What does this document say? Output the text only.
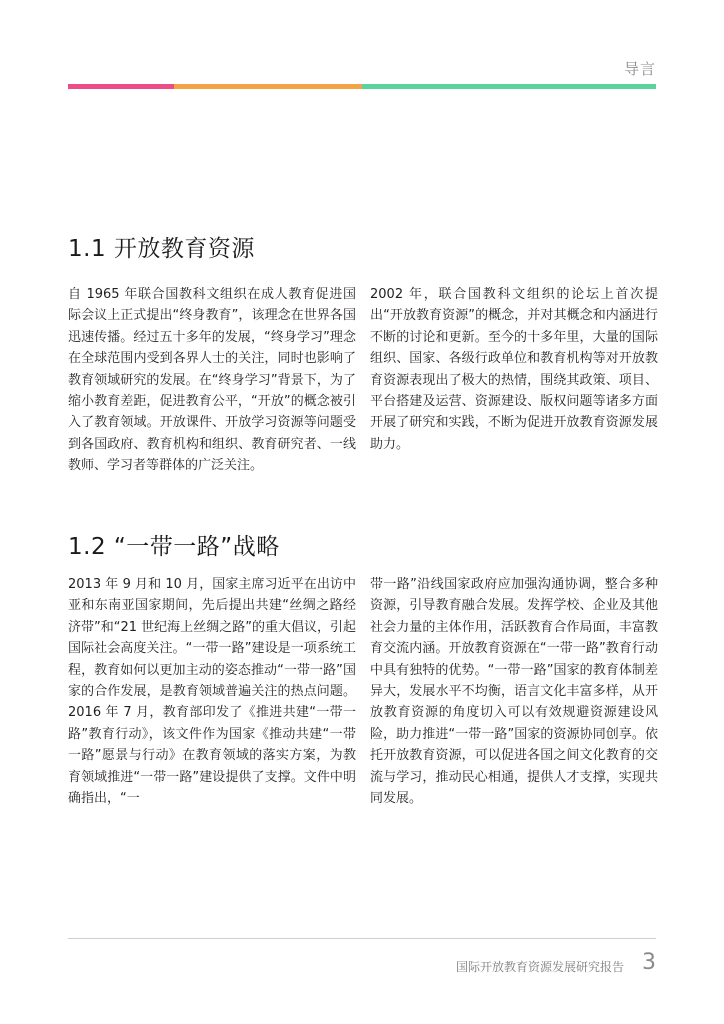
导言
1.1 开放教育资源

自 1965 年联合国教科文组织在成人教育促进国际会议上正式提出“终身教育”，该理念在世界各国迅速传播。经过五十多年的发展，“终身学习”理念在全球范围内受到各界人士的关注，同时也影响了教育领域研究的发展。在“终身学习”背景下，为了缩小教育差距，促进教育公平，“开放”的概念被引入了教育领域。开放课件、开放学习资源等问题受到各国政府、教育机构和组织、教育研究者、一线教师、学习者等群体的广泛关注。

2002 年，联合国教科文组织的论坛上首次提出“开放教育资源”的概念，并对其概念和内涵进行不断的讨论和更新。至今的十多年里，大量的国际组织、国家、各级行政单位和教育机构等对开放教育资源表现出了极大的热情，围绕其政策、项目、平台搭建及运营、资源建设、版权问题等诸多方面开展了研究和实践，不断为促进开放教育资源发展助力。

1.2 “一带一路”战略

2013 年 9 月和 10 月，国家主席习近平在出访中亚和东南亚国家期间，先后提出共建“丝绸之路经济带”和“21 世纪海上丝绸之路”的重大倡议，引起国际社会高度关注。“一带一路”建设是一项系统工程，教育如何以更加主动的姿态推动“一带一路”国家的合作发展，是教育领域普遍关注的热点问题。2016 年 7 月，教育部印发了《推进共建“一带一路”教育行动》，该文件作为国家《推动共建“一带一路”愿景与行动》在教育领域的落实方案，为教育领域推进“一带一路”建设提供了支撑。文件中明确指出，“一

带一路”沿线国家政府应加强沟通协调，整合多种资源，引导教育融合发展。发挥学校、企业及其他社会力量的主体作用，活跃教育合作局面，丰富教育交流内涵。开放教育资源在“一带一路”教育行动中具有独特的优势。“一带一路”国家的教育体制差异大，发展水平不均衡，语言文化丰富多样，从开放教育资源的角度切入可以有效规避资源建设风险，助力推进“一带一路”国家的资源协同创享。依托开放教育资源，可以促进各国之间文化教育的交流与学习，推动民心相通，提供人才支撑，实现共同发展。

国际开放教育资源发展研究报告 3
